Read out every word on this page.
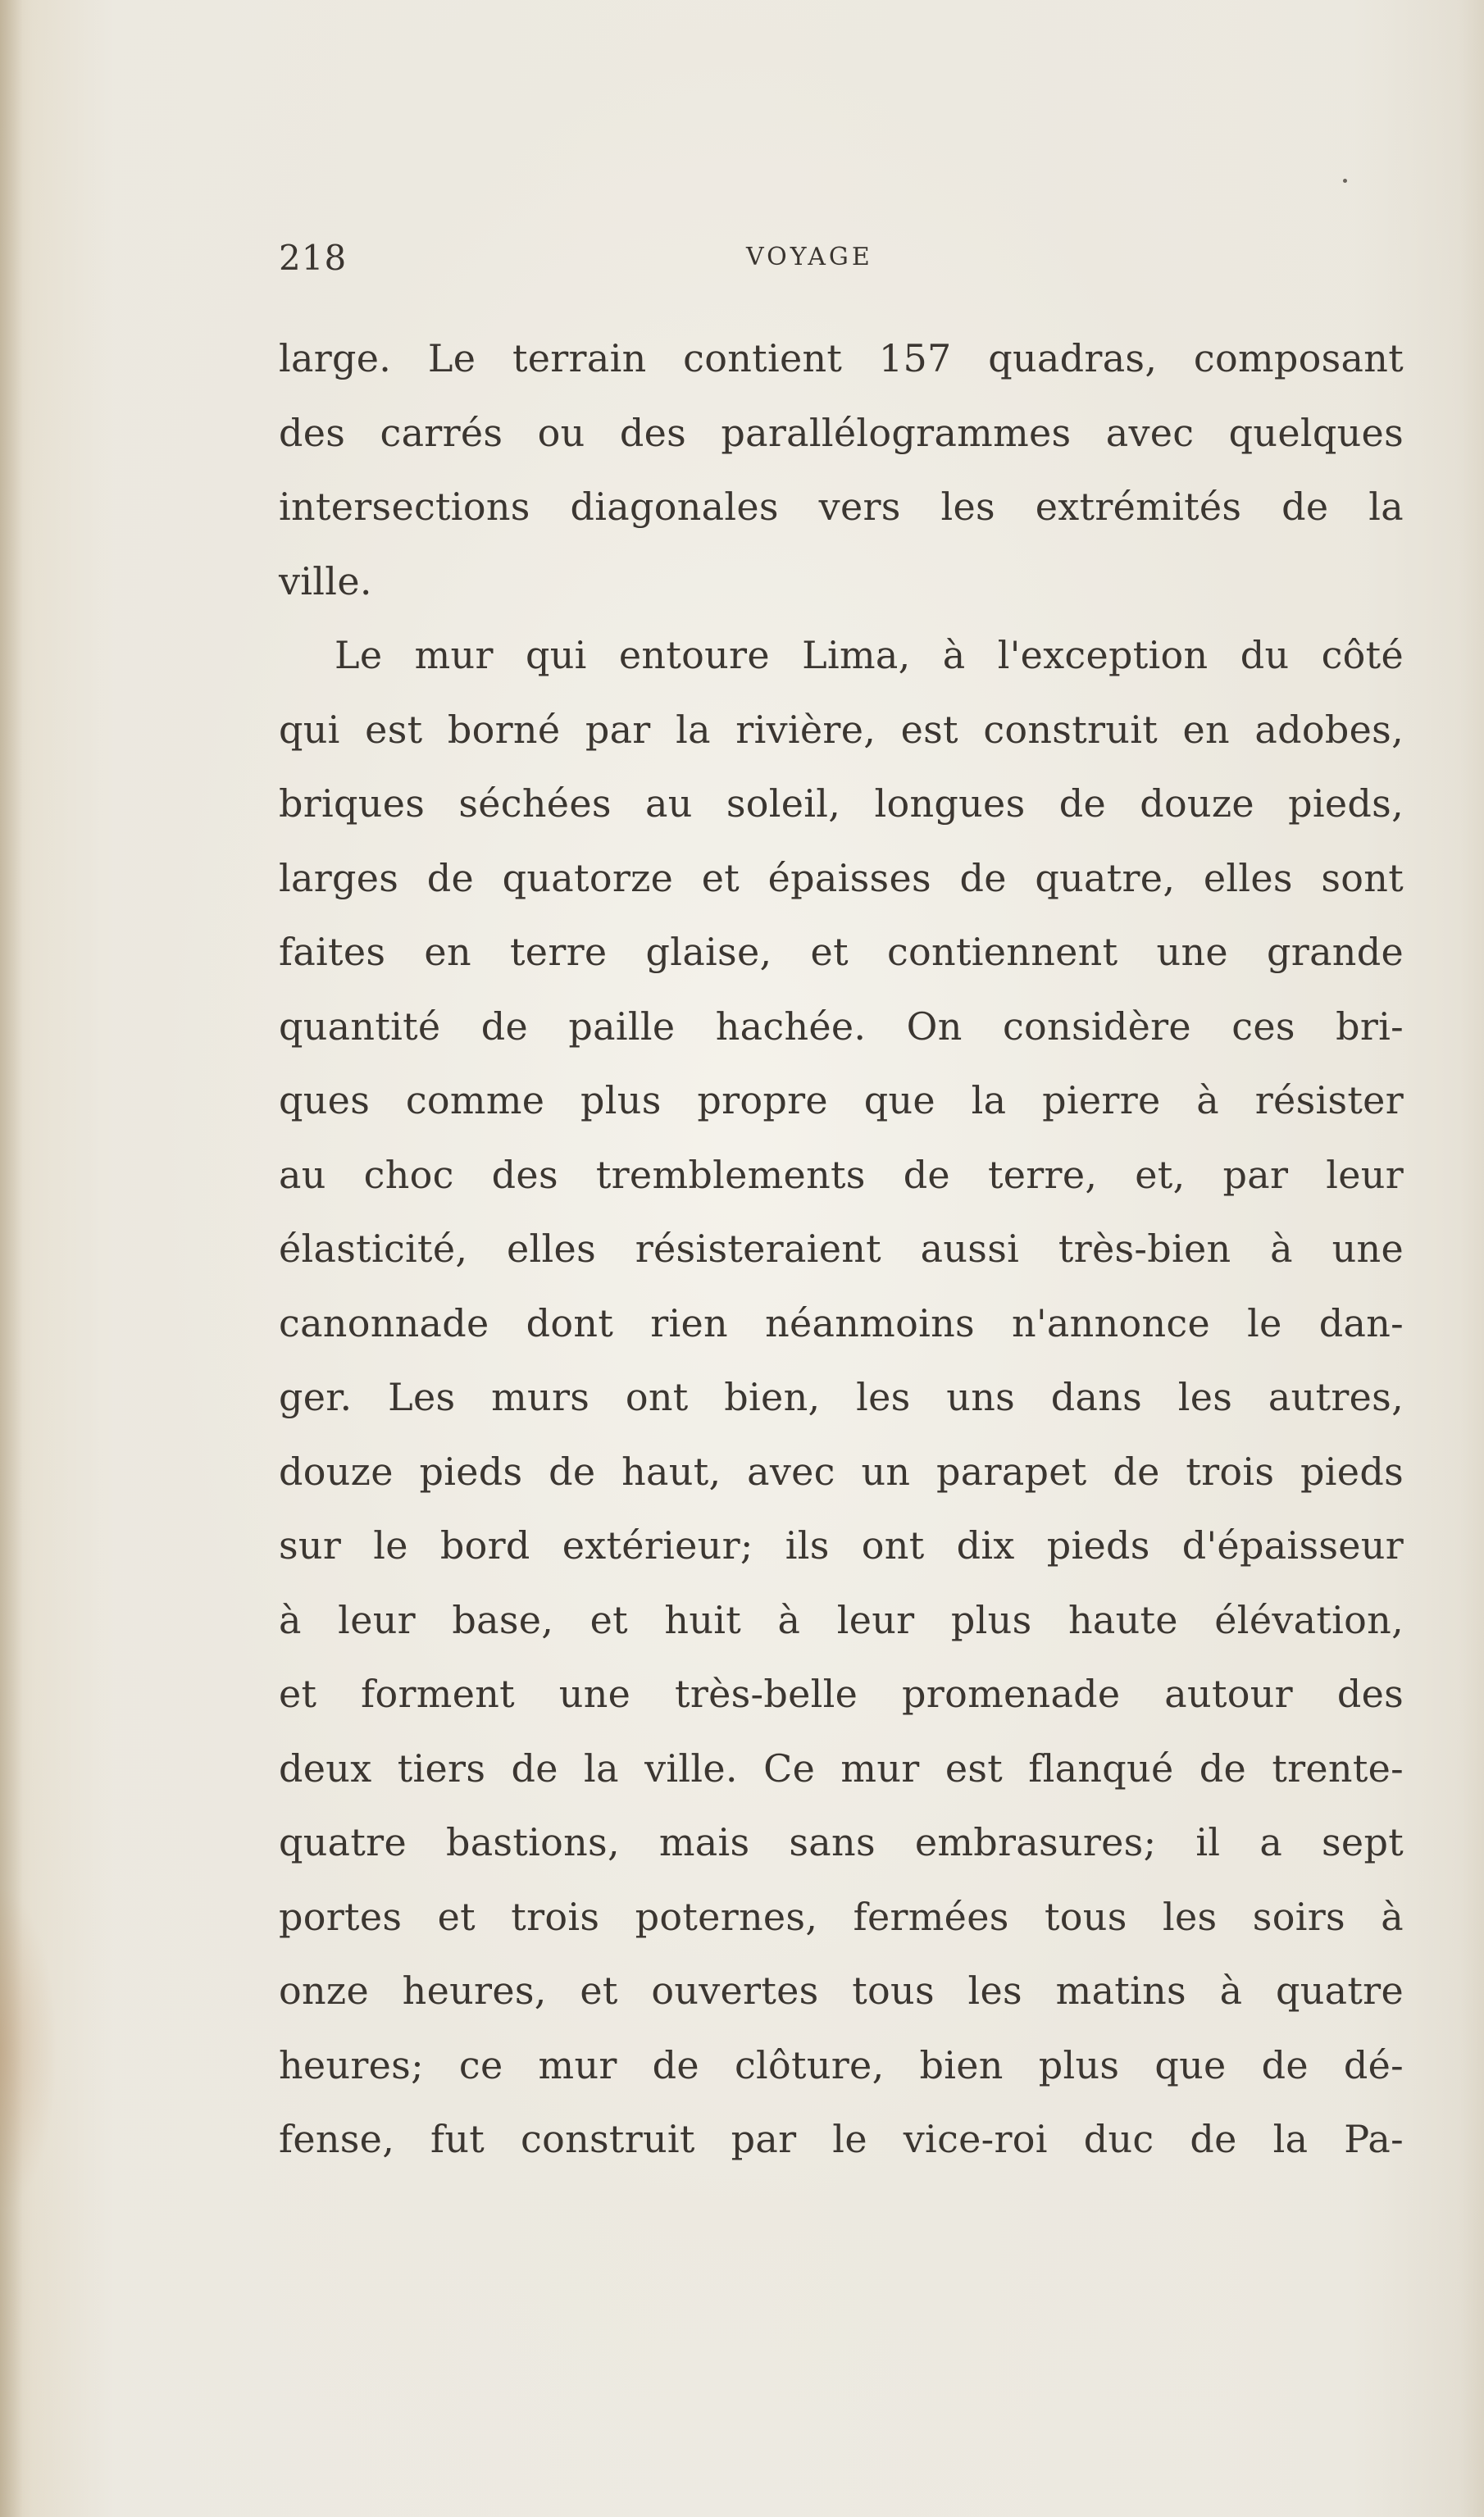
218	VOYAGE
large. Le terrain contient 157 quadras, composant
des carrés ou des parallélogrammes avec quelques
intersections diagonales vers les extrémités de la
ville.
Le mur qui entoure Lima, à l'exception du côté
qui est borné par la rivière, est construit en adobes,
briques séchées au soleil, longues de douze pieds,
larges de quatorze et épaisses de quatre, elles sont
faites en terre glaise, et contiennent une grande
quantité de paille hachée. On considère ces bri-
ques comme plus propre que la pierre à résister
au choc des tremblements de terre, et, par leur
élasticité, elles résisteraient aussi très-bien à une
canonnade dont rien néanmoins n'annonce le dan-
ger. Les murs ont bien, les uns dans les autres,
douze pieds de haut, avec un parapet de trois pieds
sur le bord extérieur; ils ont dix pieds d'épaisseur
à leur base, et huit à leur plus haute élévation,
et forment une très-belle promenade autour des
deux tiers de la ville. Ce mur est flanqué de trente-
quatre bastions, mais sans embrasures; il a sept
portes et trois poternes, fermées tous les soirs à
onze heures, et ouvertes tous les matins à quatre
heures; ce mur de clôture, bien plus que de dé-
fense, fut construit par le vice-roi duc de la Pa-
